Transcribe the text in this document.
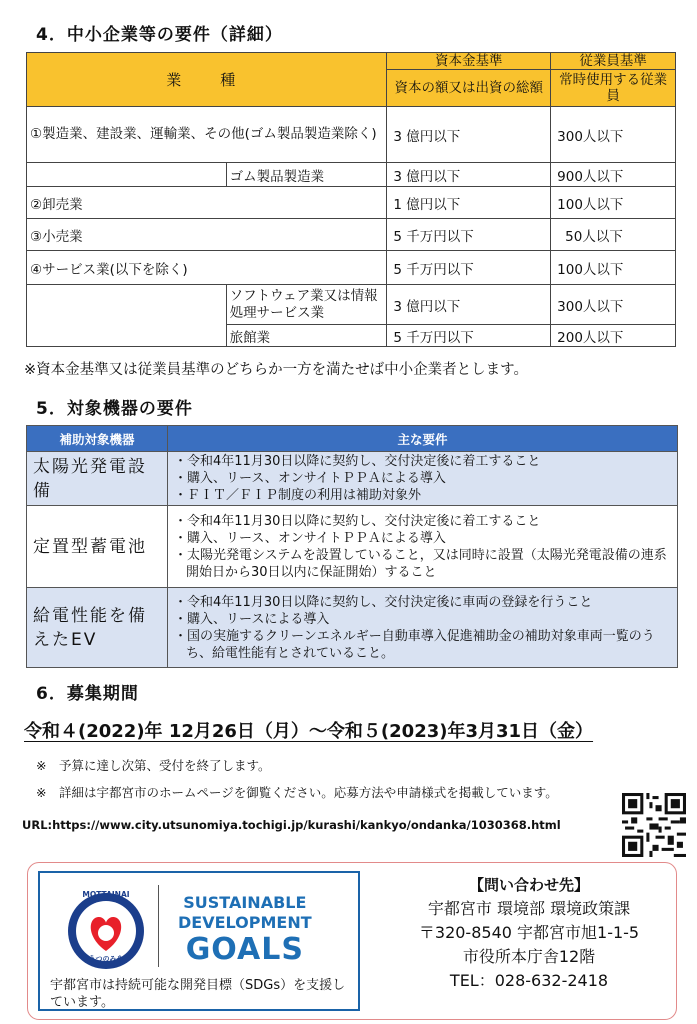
4．中小企業等の要件（詳細）
業　種		資本金基準	従業員基準
		資本の額又は出資の総額	常時使用する従業員
①製造業、建設業、運輸業、その他(ゴム製品製造業除く)		3 億円以下	300人以下
	ゴム製品製造業	3 億円以下	900人以下
②卸売業		1 億円以下	100人以下
③小売業		5 千万円以下	50人以下
④サービス業(以下を除く)		5 千万円以下	100人以下

	ソフトウェア業又は情報処理サービス業	3 億円以下	300人以下
	旅館業	5 千万円以下	200人以下
※資本金基準又は従業員基準のどちらか一方を満たせば中小企業者とします。
5．対象機器の要件
補助対象機器	主な要件
太陽光発電設備	・令和4年11月30日以降に契約し、交付決定後に着工すること
・購入、リース、オンサイトＰＰＡによる導入
・ＦＩＴ／ＦＩＰ制度の利用は補助対象外

定置型蓄電池	・令和4年11月30日以降に契約し、交付決定後に着工すること
・購入、リース、オンサイトＰＰＡによる導入
・太陽光発電システムを設置していること，又は同時に設置（太陽光発電設備の連系開始日から30日以内に保証開始）すること

給電性能を備えたEV	・令和4年11月30日以降に契約し、交付決定後に車両の登録を行うこと
・購入、リースによる導入
・国の実施するクリーンエネルギー自動車導入促進補助金の補助対象車両一覧のうち、給電性能有とされていること。
6．募集期間
令和４(2022)年 12月26日（月）～令和５(2023)年3月31日（金）
※　予算に達し次第、受付を終了します。
※　詳細は宇都宮市のホームページを御覧ください。応募方法や申請様式を掲載しています。
URL:https://www.city.utsunomiya.tochigi.jp/kurashi/kankyo/ondanka/1030368.html
MOTTAINAI
うつのみや
SUSTAINABLE
DEVELOPMENT
GOALS
宇都宮市は持続可能な開発目標（SDGs）を支援しています。
【問い合わせ先】
宇都宮市 環境部 環境政策課
〒320-8540 宇都宮市旭1-1-5
市役所本庁舎12階
TEL：028-632-2418
